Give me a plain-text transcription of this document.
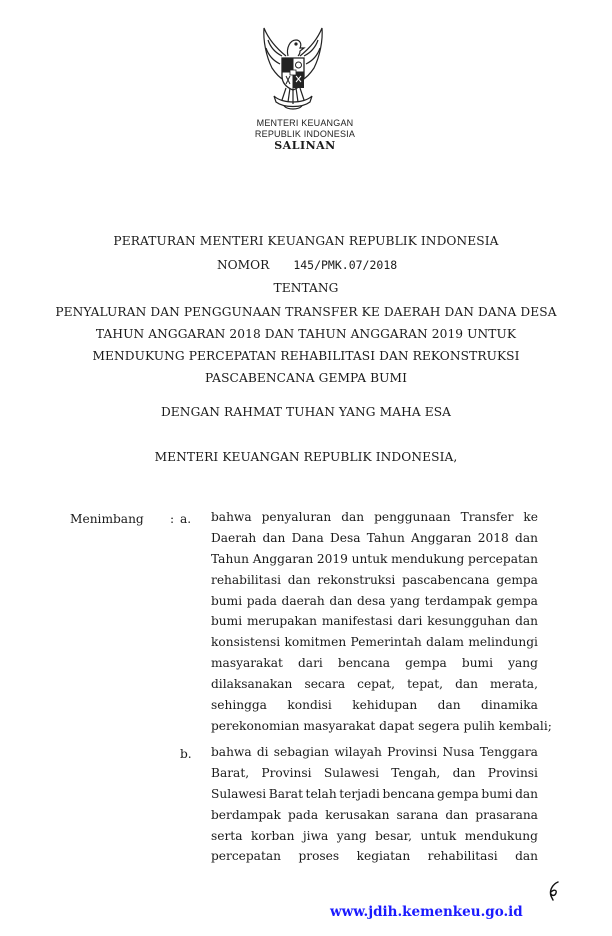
MENTERI KEUANGAN
REPUBLIK INDONESIA
SALINAN
PERATURAN MENTERI KEUANGAN REPUBLIK INDONESIA
NOMOR 145/PMK.07/2018
TENTANG
PENYALURAN DAN PENGGUNAAN TRANSFER KE DAERAH DAN DANA DESA
TAHUN ANGGARAN 2018 DAN TAHUN ANGGARAN 2019 UNTUK
MENDUKUNG PERCEPATAN REHABILITASI DAN REKONSTRUKSI
PASCABENCANA GEMPA BUMI
DENGAN RAHMAT TUHAN YANG MAHA ESA
MENTERI KEUANGAN REPUBLIK INDONESIA,
Menimbang : a. bahwa penyaluran dan penggunaan Transfer ke
Daerah dan Dana Desa Tahun Anggaran 2018 dan
Tahun Anggaran 2019 untuk mendukung percepatan
rehabilitasi dan rekonstruksi pascabencana gempa
bumi pada daerah dan desa yang terdampak gempa
bumi merupakan manifestasi dari kesungguhan dan
konsistensi komitmen Pemerintah dalam melindungi
masyarakat dari bencana gempa bumi yang
dilaksanakan secara cepat, tepat, dan merata,
sehingga kondisi kehidupan dan dinamika
perekonomian masyarakat dapat segera pulih kembali;
b. bahwa di sebagian wilayah Provinsi Nusa Tenggara
Barat, Provinsi Sulawesi Tengah, dan Provinsi
Sulawesi Barat telah terjadi bencana gempa bumi dan
berdampak pada kerusakan sarana dan prasarana
serta korban jiwa yang besar, untuk mendukung
percepatan proses kegiatan rehabilitasi dan
www.jdih.kemenkeu.go.id
